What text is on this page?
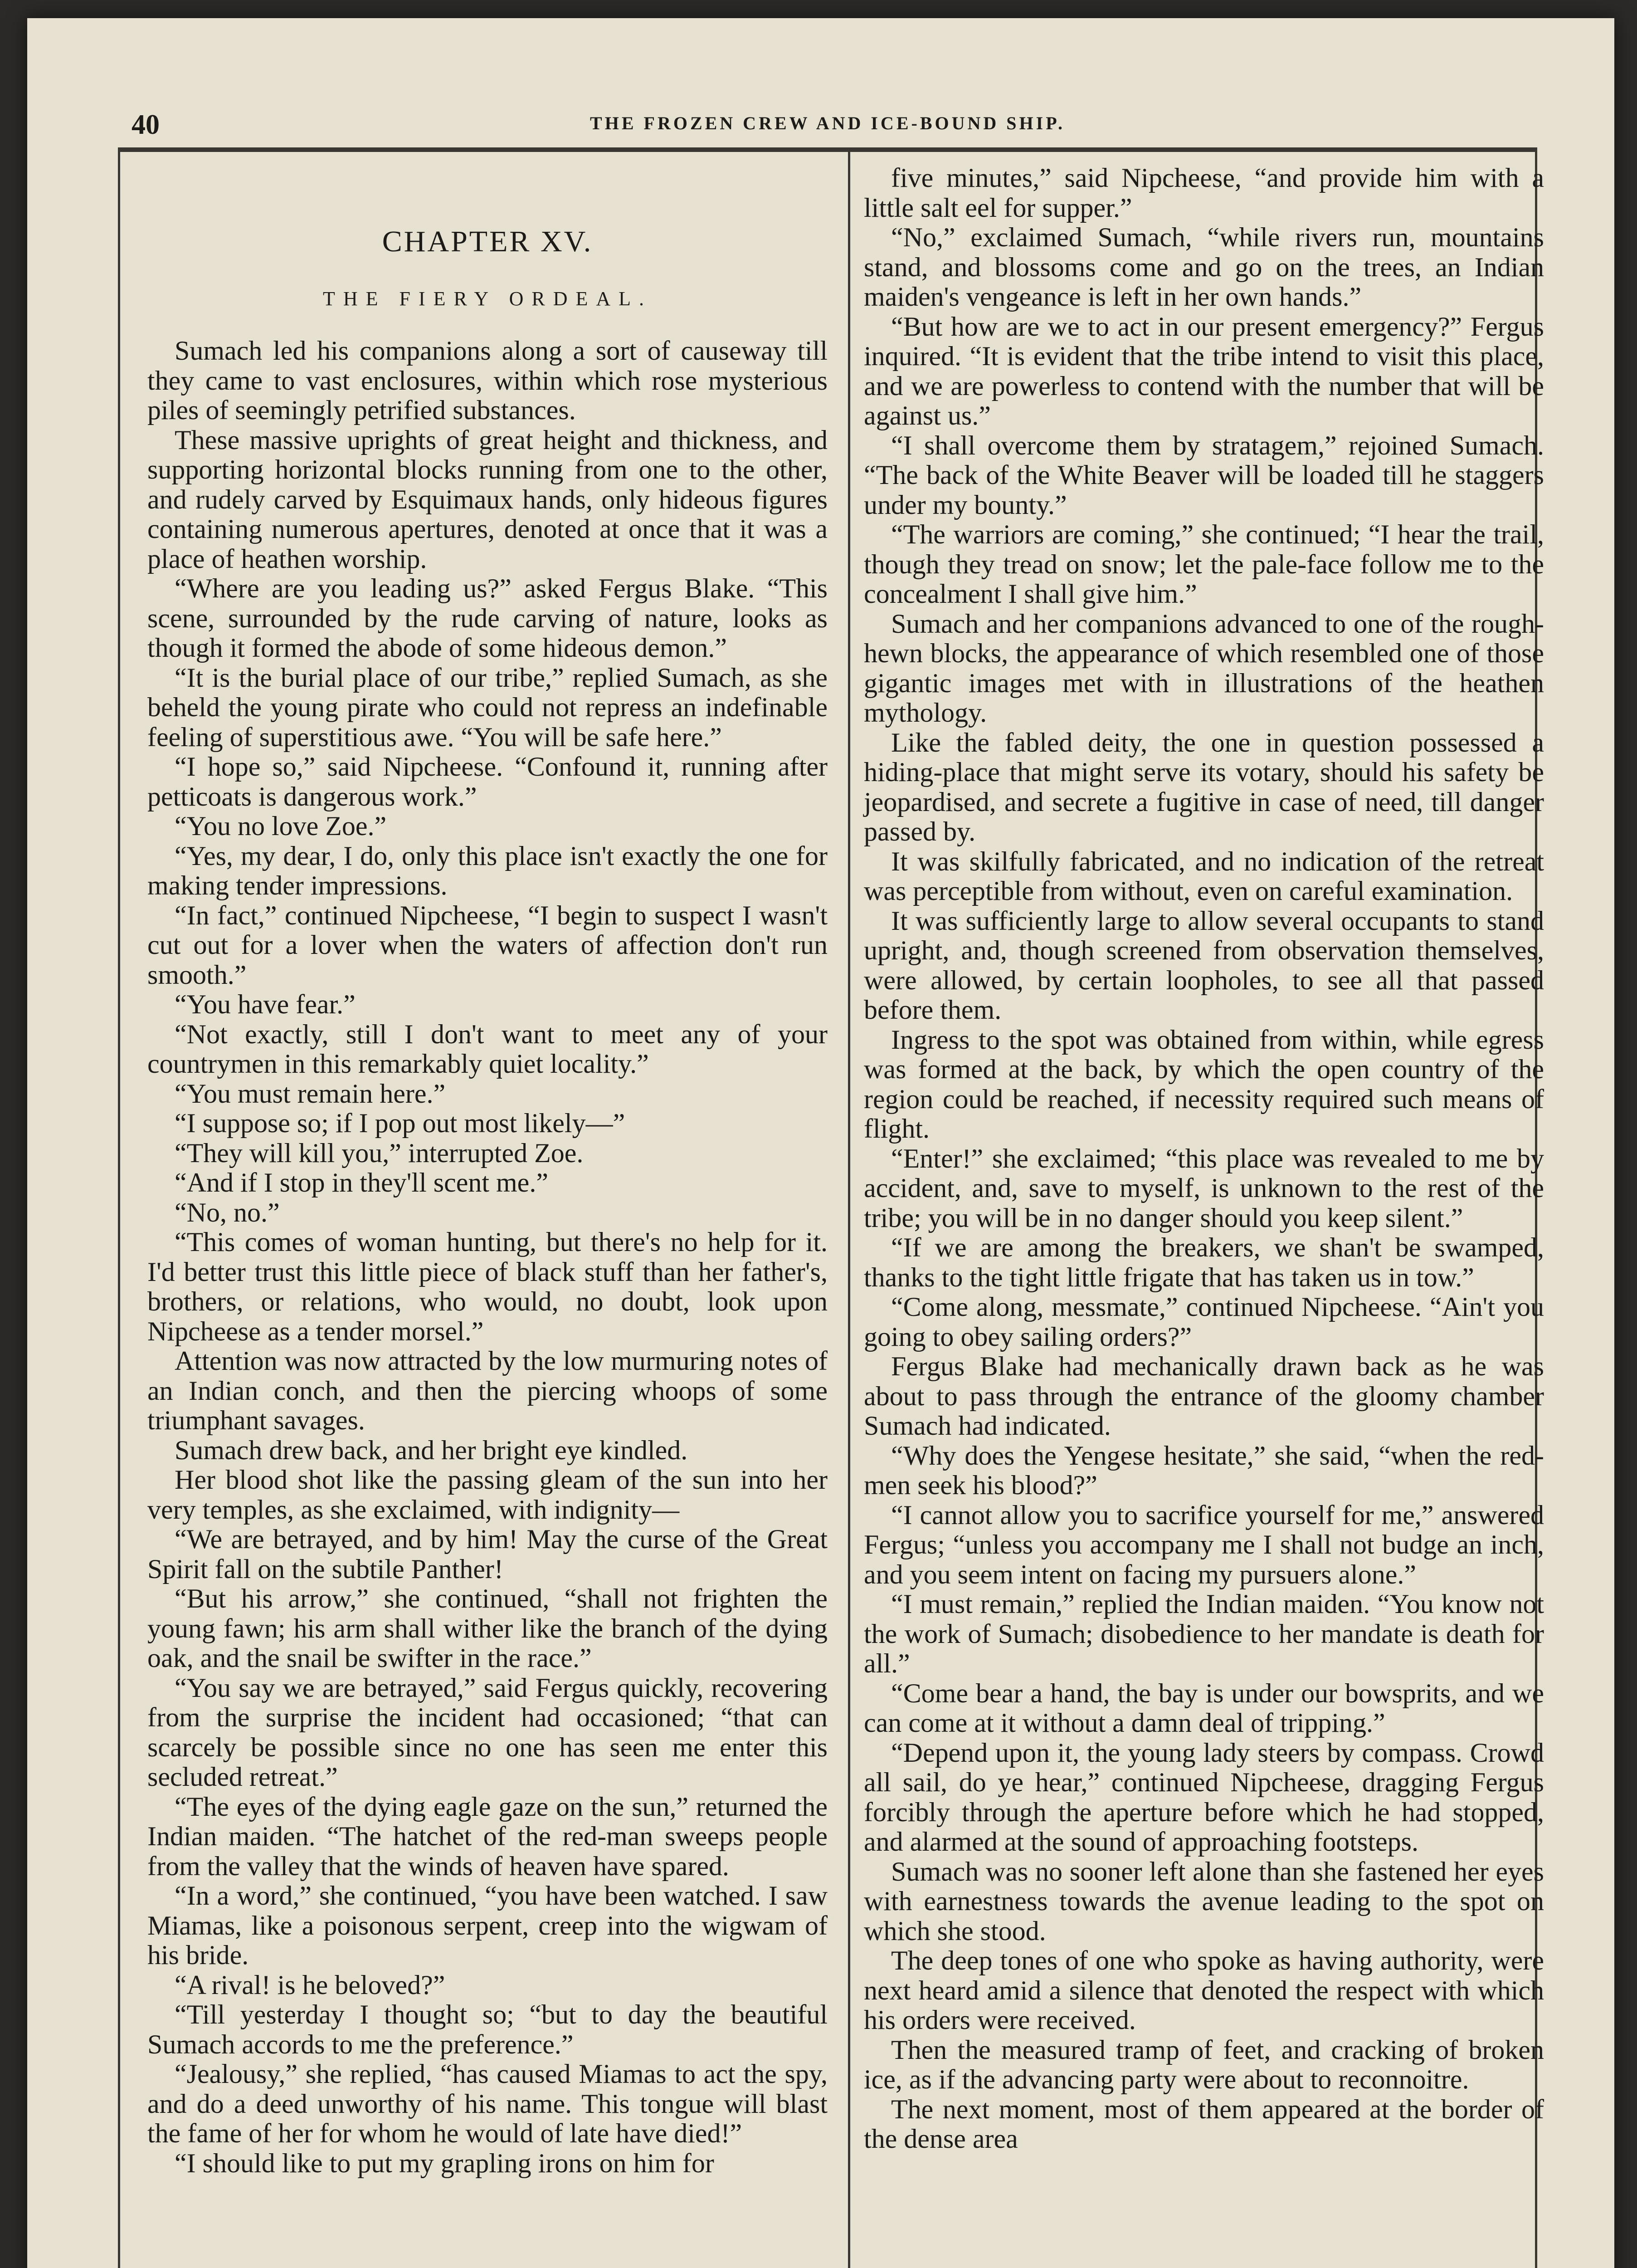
40	THE FROZEN CREW AND ICE-BOUND SHIP.
CHAPTER XV.
THE FIERY ORDEAL.

Sumach led his companions along a sort of causeway till they came to vast enclosures, within which rose mysterious piles of seemingly petrified substances.

These massive uprights of great height and thickness, and supporting horizontal blocks running from one to the other, and rudely carved by Esquimaux hands, only hideous figures containing numerous apertures, denoted at once that it was a place of heathen worship.

“Where are you leading us?” asked Fergus Blake. “This scene, surrounded by the rude carving of nature, looks as though it formed the abode of some hideous demon.”

“It is the burial place of our tribe,” replied Sumach, as she beheld the young pirate who could not repress an indefinable feeling of superstitious awe. “You will be safe here.”

“I hope so,” said Nipcheese. “Confound it, running after petticoats is dangerous work.”

“You no love Zoe.”

“Yes, my dear, I do, only this place isn't exactly the one for making tender impressions.

“In fact,” continued Nipcheese, “I begin to suspect I wasn't cut out for a lover when the waters of affection don't run smooth.”

“You have fear.”

“Not exactly, still I don't want to meet any of your countrymen in this remarkably quiet locality.”

“You must remain here.”

“I suppose so; if I pop out most likely—”

“They will kill you,” interrupted Zoe.

“And if I stop in they'll scent me.”

“No, no.”

“This comes of woman hunting, but there's no help for it. I'd better trust this little piece of black stuff than her father's, brothers, or relations, who would, no doubt, look upon Nipcheese as a tender morsel.”

Attention was now attracted by the low murmuring notes of an Indian conch, and then the piercing whoops of some triumphant savages.

Sumach drew back, and her bright eye kindled.

Her blood shot like the passing gleam of the sun into her very temples, as she exclaimed, with indignity—

“We are betrayed, and by him! May the curse of the Great Spirit fall on the subtile Panther!

“But his arrow,” she continued, “shall not frighten the young fawn; his arm shall wither like the branch of the dying oak, and the snail be swifter in the race.”

“You say we are betrayed,” said Fergus quickly, recovering from the surprise the incident had occasioned; “that can scarcely be possible since no one has seen me enter this secluded retreat.”

“The eyes of the dying eagle gaze on the sun,” returned the Indian maiden. “The hatchet of the red-man sweeps people from the valley that the winds of heaven have spared.

“In a word,” she continued, “you have been watched. I saw Miamas, like a poisonous serpent, creep into the wigwam of his bride.

“A rival! is he beloved?”

“Till yesterday I thought so; “but to day the beautiful Sumach accords to me the preference.”

“Jealousy,” she replied, “has caused Miamas to act the spy, and do a deed unworthy of his name. This tongue will blast the fame of her for whom he would of late have died!”

“I should like to put my grapling irons on him for

five minutes,” said Nipcheese, “and provide him with a little salt eel for supper.”

“No,” exclaimed Sumach, “while rivers run, mountains stand, and blossoms come and go on the trees, an Indian maiden's vengeance is left in her own hands.”

“But how are we to act in our present emergency?” Fergus inquired. “It is evident that the tribe intend to visit this place, and we are powerless to contend with the number that will be against us.”

“I shall overcome them by stratagem,” rejoined Sumach. “The back of the White Beaver will be loaded till he staggers under my bounty.”

“The warriors are coming,” she continued; “I hear the trail, though they tread on snow; let the pale-face follow me to the concealment I shall give him.”

Sumach and her companions advanced to one of the rough-hewn blocks, the appearance of which resembled one of those gigantic images met with in illustrations of the heathen mythology.

Like the fabled deity, the one in question possessed a hiding-place that might serve its votary, should his safety be jeopardised, and secrete a fugitive in case of need, till danger passed by.

It was skilfully fabricated, and no indication of the retreat was perceptible from without, even on careful examination.

It was sufficiently large to allow several occupants to stand upright, and, though screened from observation themselves, were allowed, by certain loopholes, to see all that passed before them.

Ingress to the spot was obtained from within, while egress was formed at the back, by which the open country of the region could be reached, if necessity required such means of flight.

“Enter!” she exclaimed; “this place was revealed to me by accident, and, save to myself, is unknown to the rest of the tribe; you will be in no danger should you keep silent.”

“If we are among the breakers, we shan't be swamped, thanks to the tight little frigate that has taken us in tow.”

“Come along, messmate,” continued Nipcheese. “Ain't you going to obey sailing orders?”

Fergus Blake had mechanically drawn back as he was about to pass through the entrance of the gloomy chamber Sumach had indicated.

“Why does the Yengese hesitate,” she said, “when the red-men seek his blood?”

“I cannot allow you to sacrifice yourself for me,” answered Fergus; “unless you accompany me I shall not budge an inch, and you seem intent on facing my pursuers alone.”

“I must remain,” replied the Indian maiden. “You know not the work of Sumach; disobedience to her mandate is death for all.”

“Come bear a hand, the bay is under our bowsprits, and we can come at it without a damn deal of tripping.”

“Depend upon it, the young lady steers by compass. Crowd all sail, do ye hear,” continued Nipcheese, dragging Fergus forcibly through the aperture before which he had stopped, and alarmed at the sound of approaching footsteps.

Sumach was no sooner left alone than she fastened her eyes with earnestness towards the avenue leading to the spot on which she stood.

The deep tones of one who spoke as having authority, were next heard amid a silence that denoted the respect with which his orders were received.

Then the measured tramp of feet, and cracking of broken ice, as if the advancing party were about to reconnoitre.

The next moment, most of them appeared at the border of the dense area
